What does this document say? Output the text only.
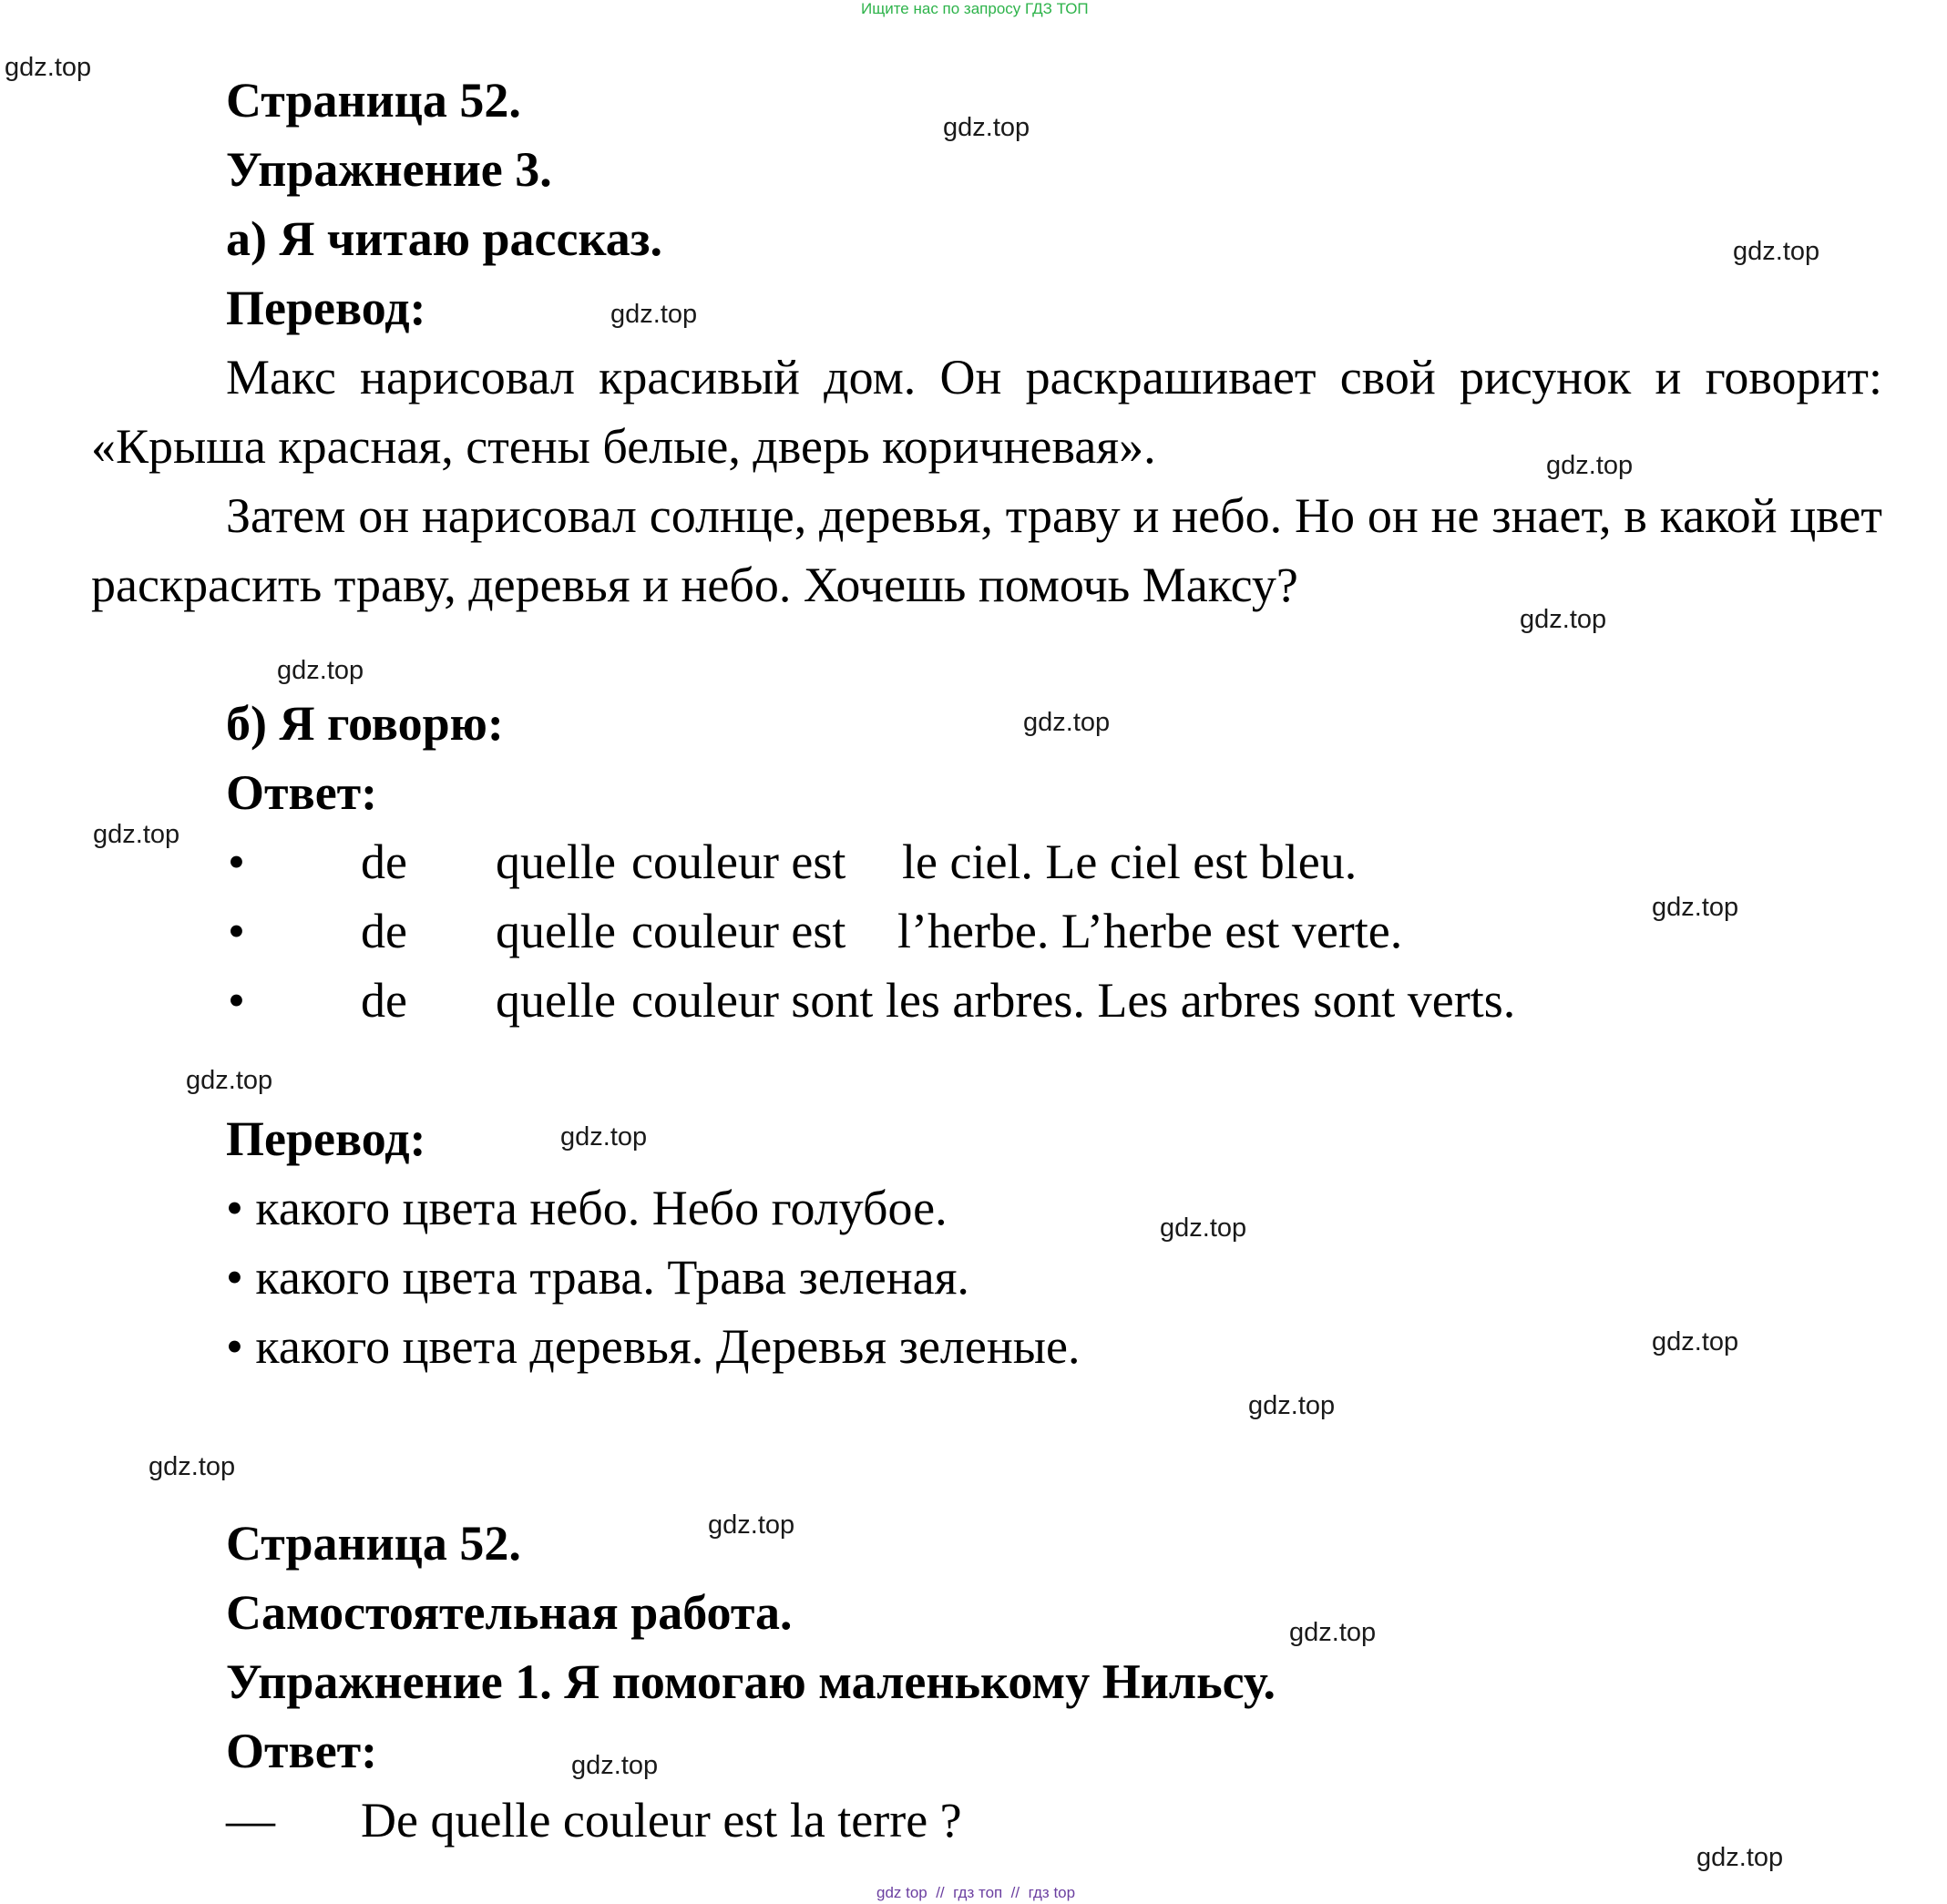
Ищите нас по запросу ГДЗ ТОП
Страница 52.
Упражнение 3.
а) Я читаю рассказ.
Перевод:
Макс нарисовал красивый дом. Он раскрашивает свой рисунок и говорит: «Крыша красная, стены белые, дверь коричневая».
Затем он нарисовал солнце, деревья, траву и небо. Но он не знает, в какой цвет раскрасить траву, деревья и небо. Хочешь помочь Максу?
б) Я говорю:
Ответ:
• de quelle couleur est le ciel. Le ciel est bleu.
• de quelle couleur est l’herbe. L’herbe est verte.
• de quelle couleur sont les arbres. Les arbres sont verts.
Перевод:
• какого цвета небо. Небо голубое.
• какого цвета трава. Трава зеленая.
• какого цвета деревья. Деревья зеленые.
Страница 52.
Самостоятельная работа.
Упражнение 1. Я помогаю маленькому Нильсу.
Ответ:
— De quelle couleur est la terre ?
gdz.top
gdz.top
gdz.top
gdz.top
gdz.top
gdz.top
gdz.top
gdz.top
gdz.top
gdz.top
gdz.top
gdz.top
gdz.top
gdz.top
gdz.top
gdz.top
gdz.top
gdz.top
gdz.top
gdz.top
gdz top  //  гдз топ  //  гдз top
